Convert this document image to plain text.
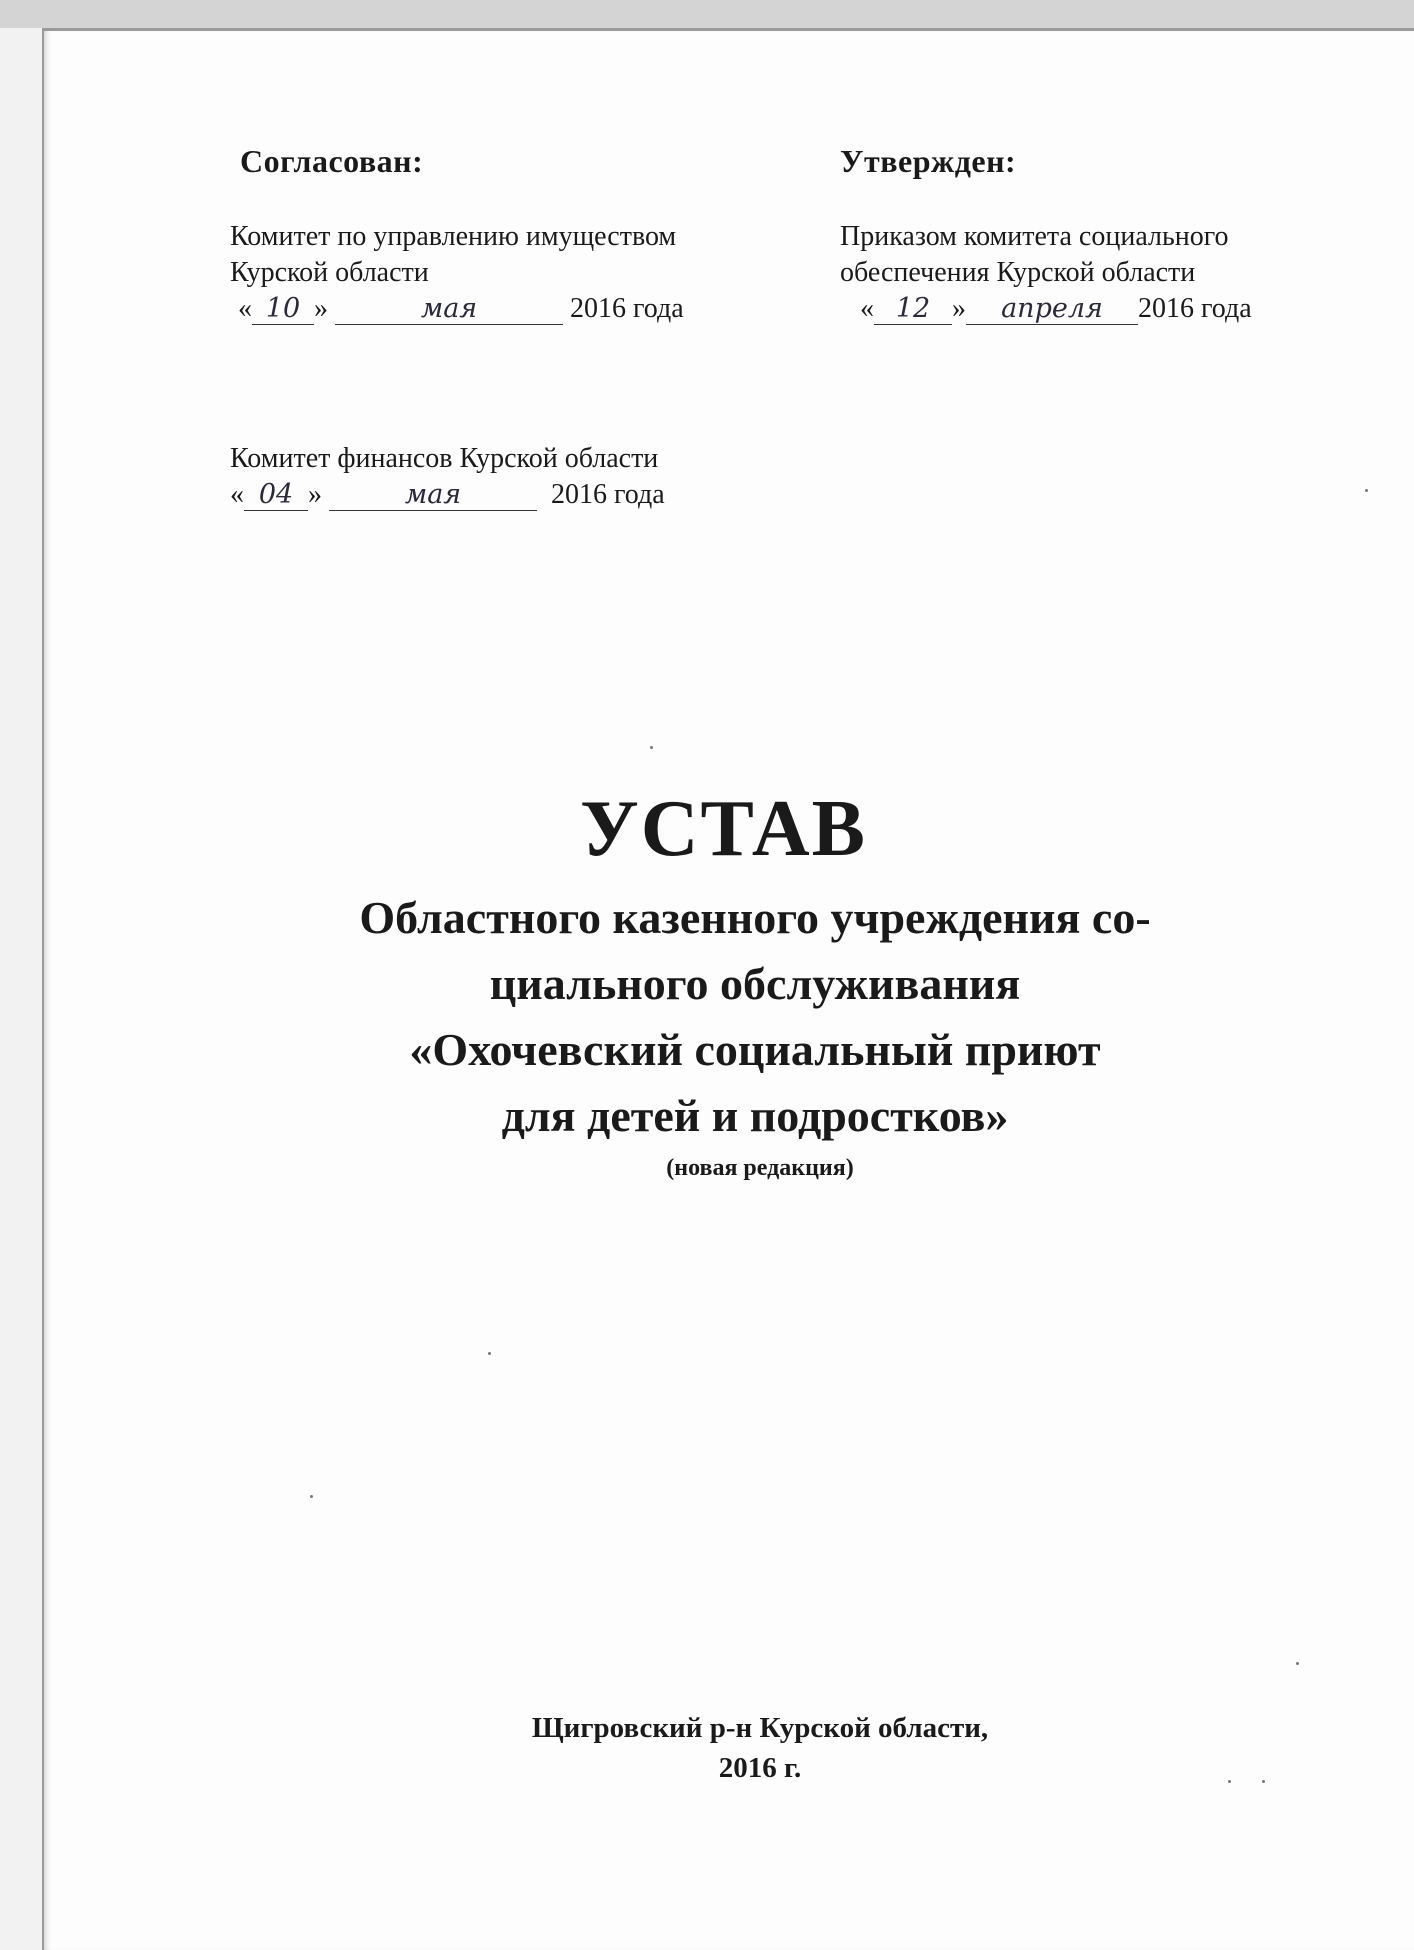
Согласован:
Комитет по управлению имуществом
Курской области
« 10 »	мая	2016 года
Утвержден:
Приказом комитета социального
обеспечения Курской области
« 12 » апреля 2016 года
Комитет финансов Курской области
« 04 »	мая	2016 года
УСТАВ
Областного казенного учреждения со-
циального обслуживания
«Охочевский социальный приют
для детей и подростков»
(новая редакция)
Щигровский р-н Курской области,
2016 г.
